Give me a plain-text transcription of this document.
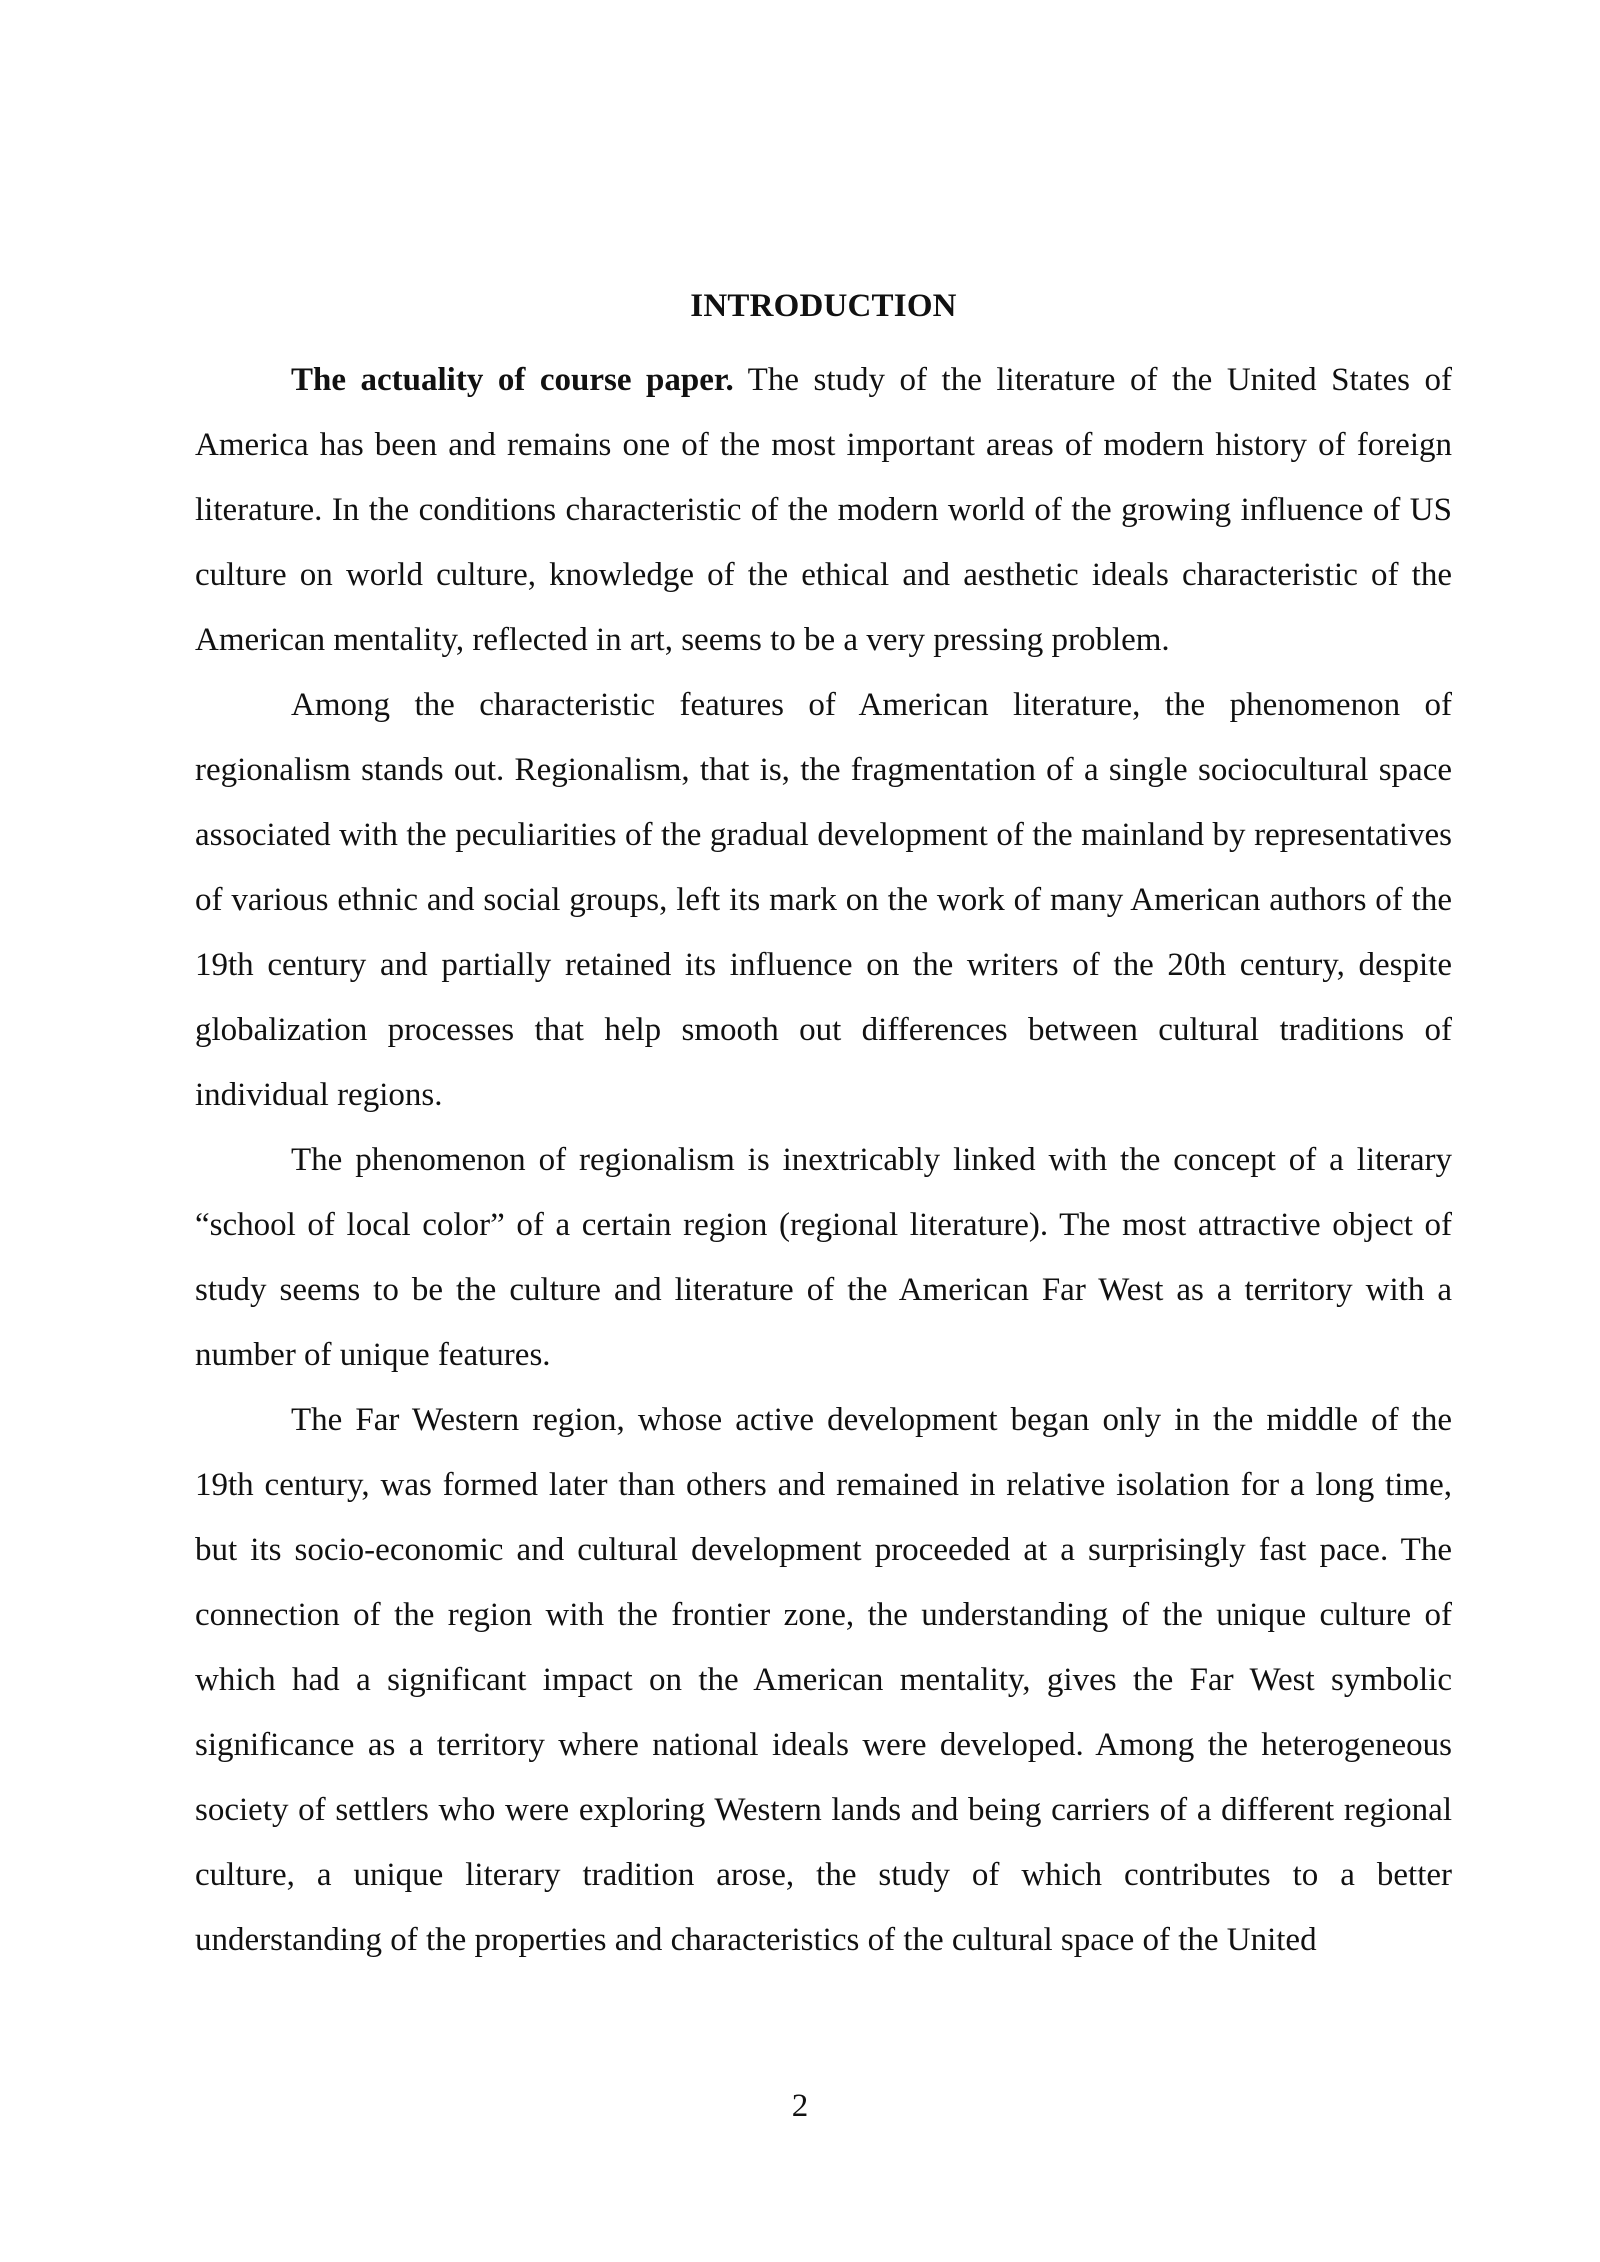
INTRODUCTION

The actuality of course paper. The study of the literature of the United States of America has been and remains one of the most important areas of modern history of foreign literature. In the conditions characteristic of the modern world of the growing influence of US culture on world culture, knowledge of the ethical and aesthetic ideals characteristic of the American mentality, reflected in art, seems to be a very pressing problem.

Among the characteristic features of American literature, the phenomenon of regionalism stands out. Regionalism, that is, the fragmentation of a single sociocultural space associated with the peculiarities of the gradual development of the mainland by representatives of various ethnic and social groups, left its mark on the work of many American authors of the 19th century and partially retained its influence on the writers of the 20th century, despite globalization processes that help smooth out differences between cultural traditions of individual regions.

The phenomenon of regionalism is inextricably linked with the concept of a literary “school of local color” of a certain region (regional literature). The most attractive object of study seems to be the culture and literature of the American Far West as a territory with a number of unique features.

The Far Western region, whose active development began only in the middle of the 19th century, was formed later than others and remained in relative isolation for a long time, but its socio-economic and cultural development proceeded at a surprisingly fast pace. The connection of the region with the frontier zone, the understanding of the unique culture of which had a significant impact on the American mentality, gives the Far West symbolic significance as a territory where national ideals were developed. Among the heterogeneous society of settlers who were exploring Western lands and being carriers of a different regional culture, a unique literary tradition arose, the study of which contributes to a better understanding of the properties and characteristics of the cultural space of the United

2
